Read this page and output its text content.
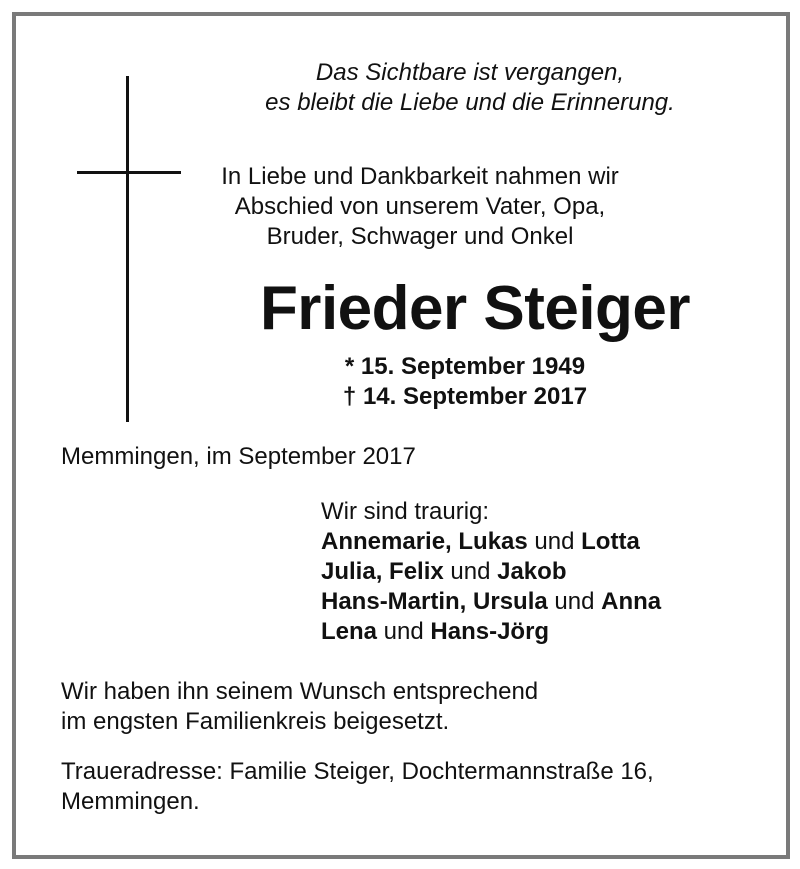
Das Sichtbare ist vergangen,
es bleibt die Liebe und die Erinnerung.
In Liebe und Dankbarkeit nahmen wir
Abschied von unserem Vater, Opa,
Bruder, Schwager und Onkel
Frieder Steiger
* 15. September 1949
† 14. September 2017
Memmingen, im September 2017
Wir sind traurig:
Annemarie, Lukas und Lotta
Julia, Felix und Jakob
Hans-Martin, Ursula und Anna
Lena und Hans-Jörg
Wir haben ihn seinem Wunsch entsprechend
im engsten Familienkreis beigesetzt.
Traueradresse: Familie Steiger, Dochtermannstraße 16,
Memmingen.
